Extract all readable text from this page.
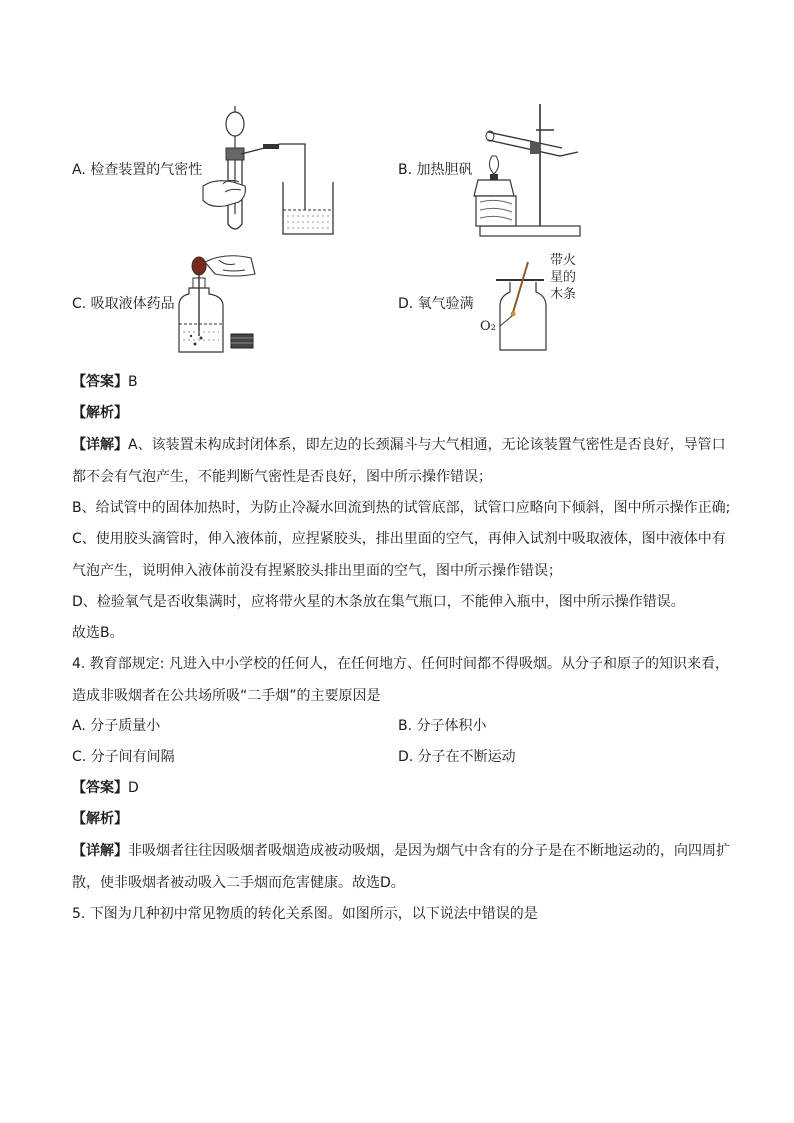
A. 检查装置的气密性	B. 加热胆矾
C. 吸取液体药品	D. 氧气验满
带火
星的
木条
O₂
【答案】B
【解析】
【详解】A、该装置未构成封闭体系，即左边的长颈漏斗与大气相通，无论该装置气密性是否良好，导管口都不会有气泡产生，不能判断气密性是否良好，图中所示操作错误；
B、给试管中的固体加热时，为防止冷凝水回流到热的试管底部，试管口应略向下倾斜，图中所示操作正确;
C、使用胶头滴管时，伸入液体前，应捏紧胶头，排出里面的空气，再伸入试剂中吸取液体，图中液体中有气泡产生，说明伸入液体前没有捏紧胶头排出里面的空气，图中所示操作错误；
D、检验氧气是否收集满时，应将带火星的木条放在集气瓶口，不能伸入瓶中，图中所示操作错误。
故选B。
4. 教育部规定: 凡进入中小学校的任何人，在任何地方、任何时间都不得吸烟。从分子和原子的知识来看，造成非吸烟者在公共场所吸“二手烟”的主要原因是
A. 分子质量小	B. 分子体积小
C. 分子间有间隔	D. 分子在不断运动
【答案】D
【解析】
【详解】非吸烟者往往因吸烟者吸烟造成被动吸烟，是因为烟气中含有的分子是在不断地运动的，向四周扩散，使非吸烟者被动吸入二手烟而危害健康。故选D。
5. 下图为几种初中常见物质的转化关系图。如图所示，以下说法中错误的是
